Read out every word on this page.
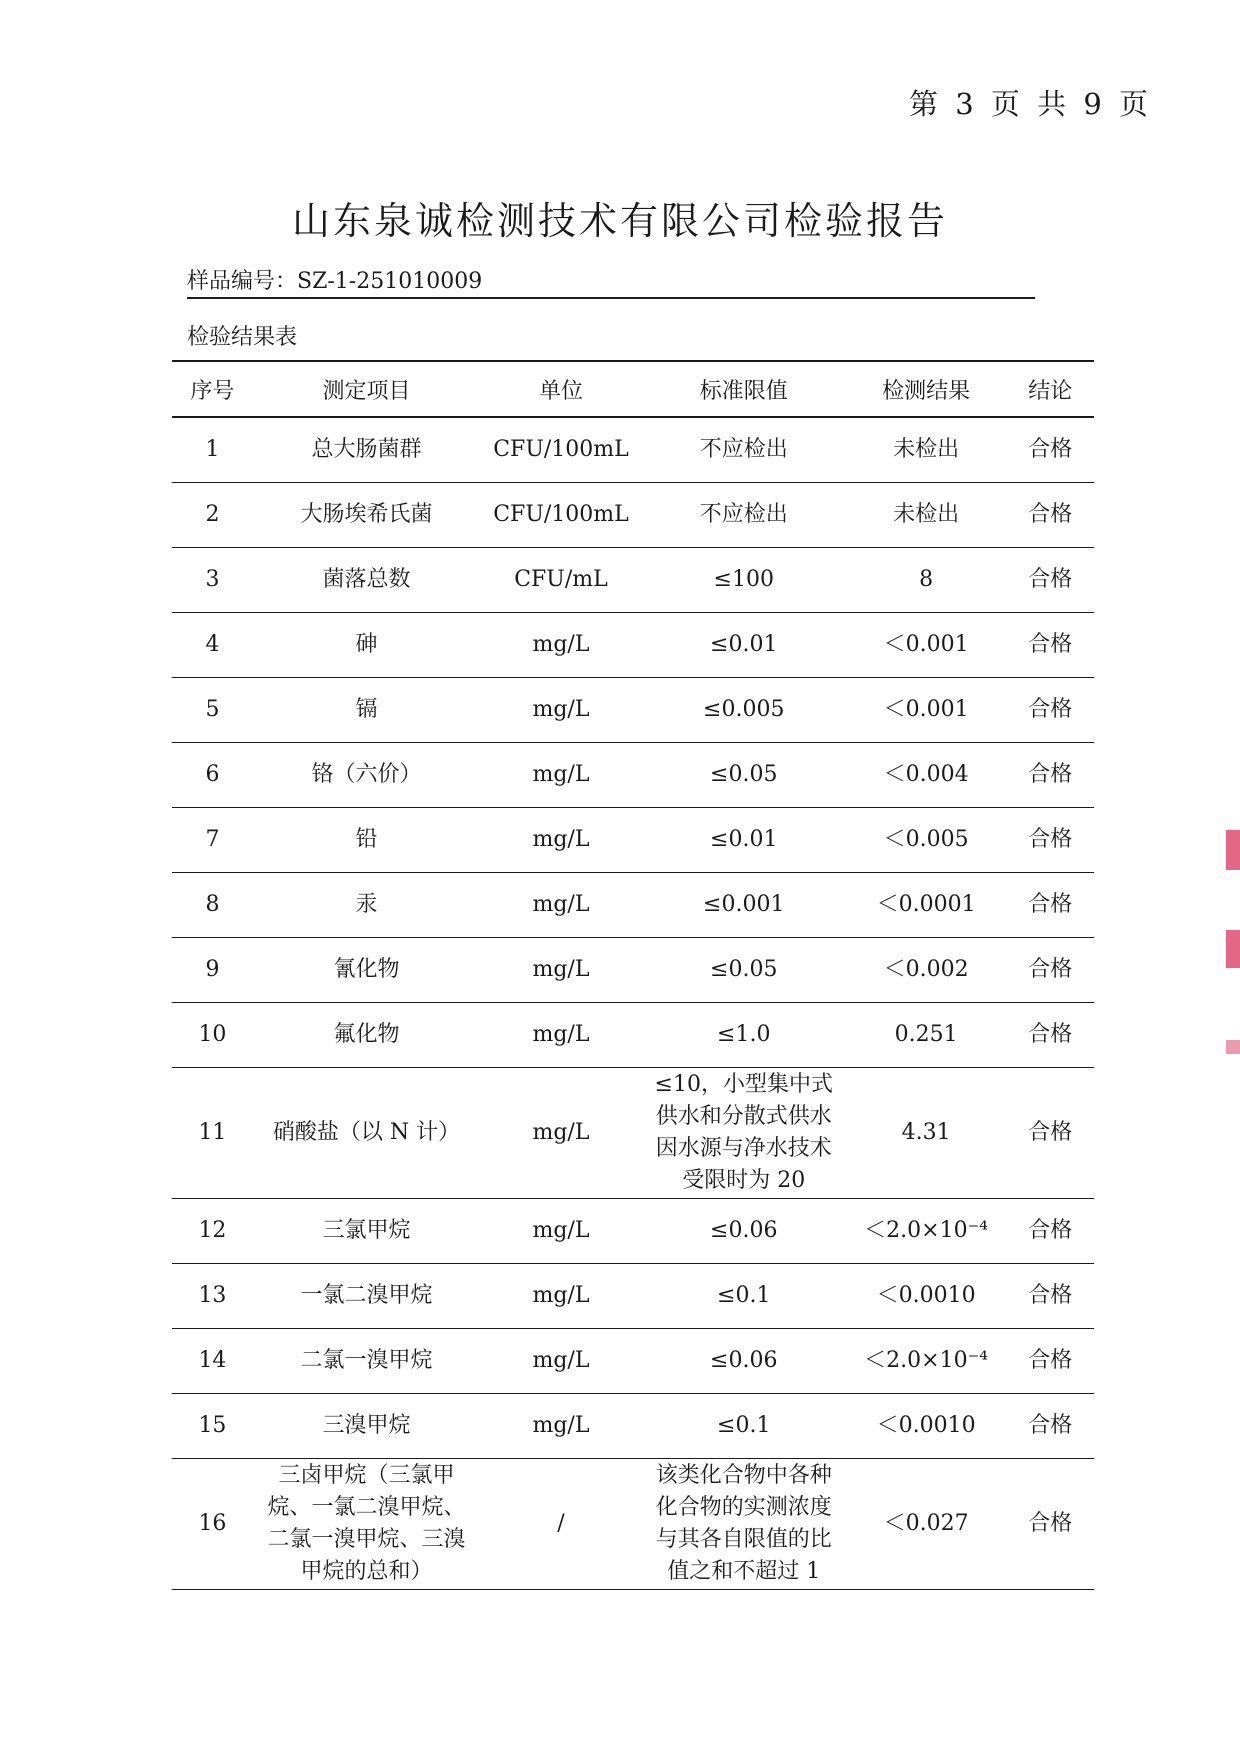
第 3 页 共 9 页
山东泉诚检测技术有限公司检验报告
样品编号：SZ-1-251010009
检验结果表
序号	测定项目	单位	标准限值	检测结果	结论
1	总大肠菌群	CFU/100mL	不应检出	未检出	合格
2	大肠埃希氏菌	CFU/100mL	不应检出	未检出	合格
3	菌落总数	CFU/mL	≤100	8	合格
4	砷	mg/L	≤0.01	＜0.001	合格
5	镉	mg/L	≤0.005	＜0.001	合格
6	铬（六价）	mg/L	≤0.05	＜0.004	合格
7	铅	mg/L	≤0.01	＜0.005	合格
8	汞	mg/L	≤0.001	＜0.0001	合格
9	氰化物	mg/L	≤0.05	＜0.002	合格
10	氟化物	mg/L	≤1.0	0.251	合格
11	硝酸盐（以 N 计）	mg/L	≤10，小型集中式供水和分散式供水因水源与净水技术受限时为 20	4.31	合格
12	三氯甲烷	mg/L	≤0.06	＜2.0×10⁻⁴	合格
13	一氯二溴甲烷	mg/L	≤0.1	＜0.0010	合格
14	二氯一溴甲烷	mg/L	≤0.06	＜2.0×10⁻⁴	合格
15	三溴甲烷	mg/L	≤0.1	＜0.0010	合格
16	三卤甲烷（三氯甲烷、一氯二溴甲烷、二氯一溴甲烷、三溴甲烷的总和）	/	该类化合物中各种化合物的实测浓度与其各自限值的比值之和不超过 1	＜0.027	合格
